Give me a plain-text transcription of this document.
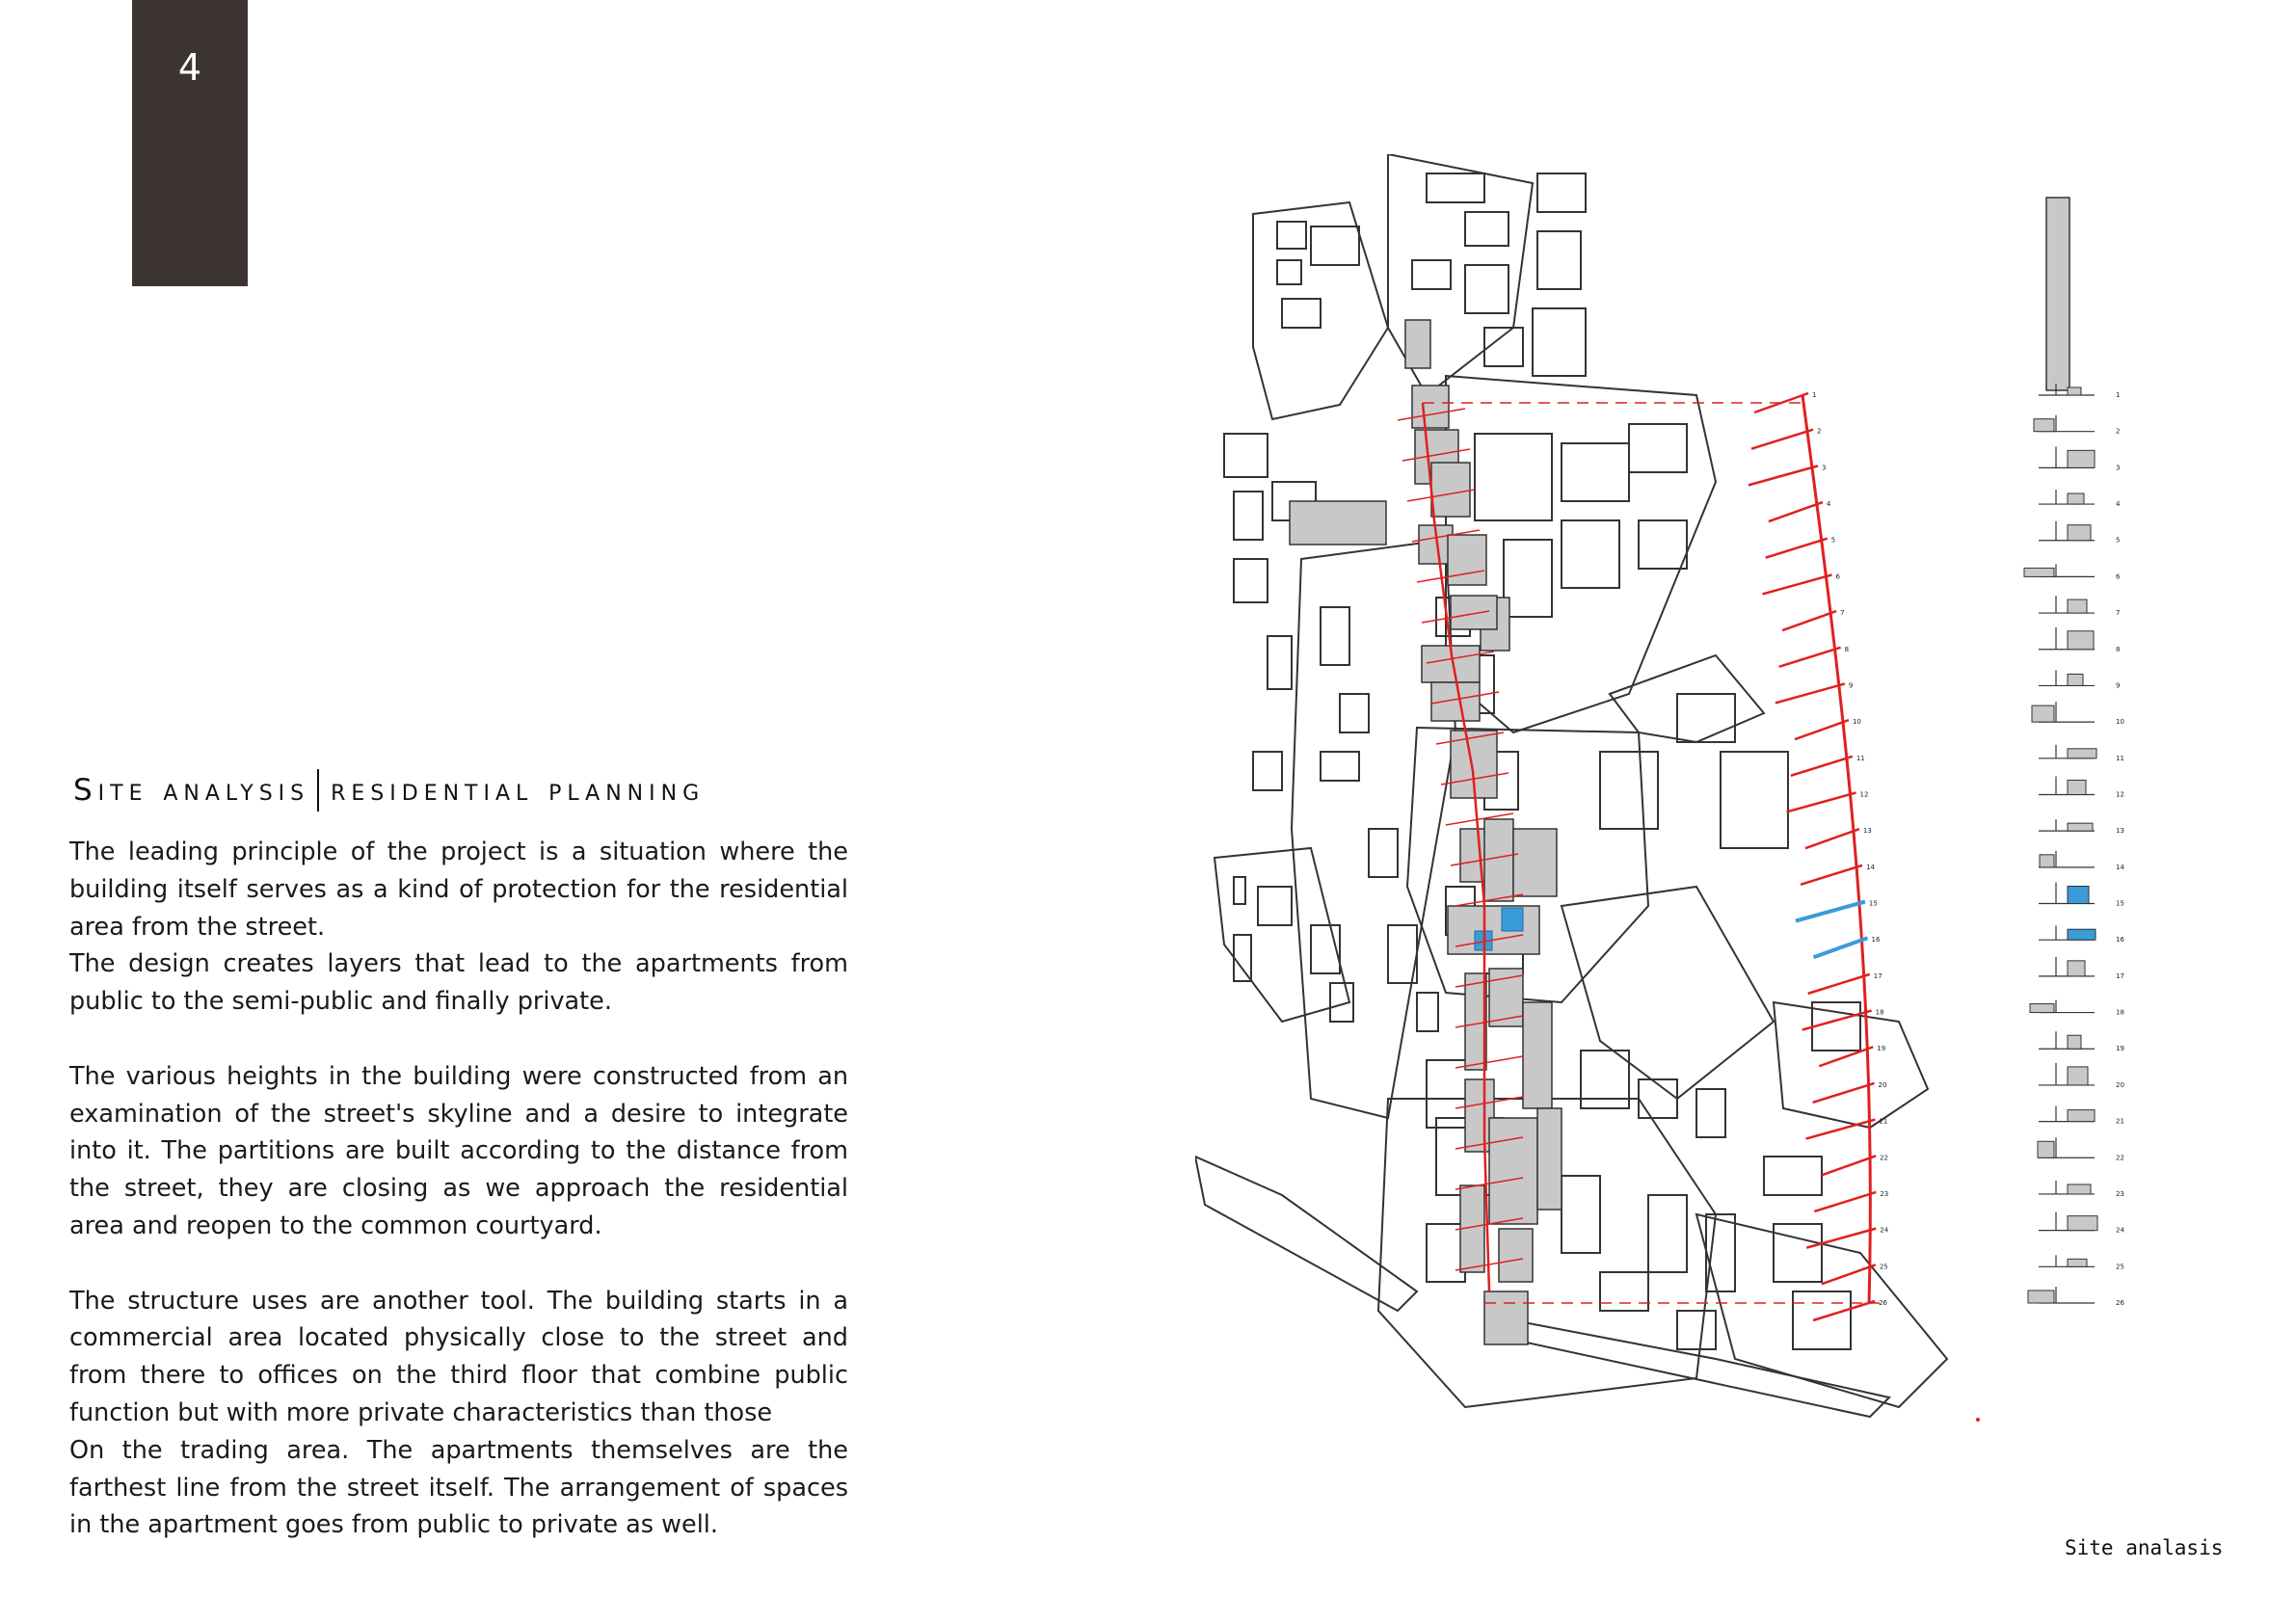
4
Site analysis residential planning

The leading principle of the project is a situation where the building itself serves as a kind of protection for the residential area from the street.

The design creates layers that lead to the apartments from public to the semi-public and finally private.

The various heights in the building were constructed from an examination of the street's skyline and a desire to integrate into it. The partitions are built according to the distance from the street, they are closing as we approach the residential area and reopen to the common courtyard.

The structure uses are another tool. The building starts in a commercial area located physically close to the street and from there to offices on the third floor that combine public function but with more private characteristics than those

On the trading area. The apartments themselves are the farthest line from the street itself. The arrangement of spaces in the apartment goes from public to private as well.

1
2
3
4
5
6
7
8
9
10
11
12
13
14
15
16
17
18
19
20
21
22
23
24
25
26
1
2
3
4
5
6
7
8
9
10
11
12
13
14
15
16
17
18
19
20
21
22
23
24
25
26
Site analasis
